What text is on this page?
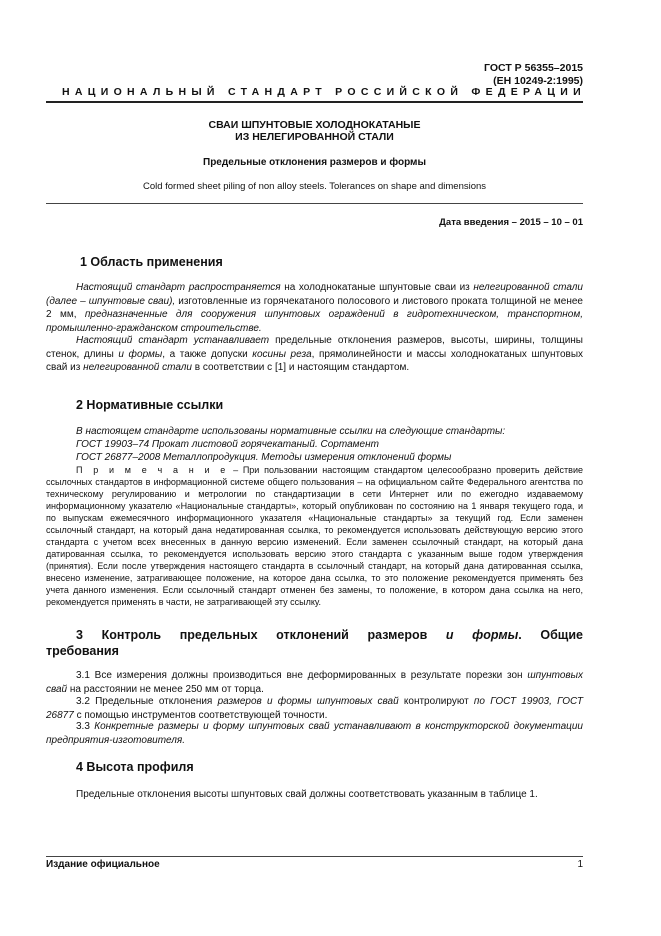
ГОСТ Р 56355–2015
(ЕН 10249-2:1995)
НАЦИОНАЛЬНЫЙ СТАНДАРТ РОССИЙСКОЙ ФЕДЕРАЦИИ
СВАИ ШПУНТОВЫЕ ХОЛОДНОКАТАНЫЕ
ИЗ НЕЛЕГИРОВАННОЙ СТАЛИ
Предельные отклонения размеров и формы
Cold formed sheet piling of non alloy steels. Tolerances on shape and dimensions
Дата введения – 2015 – 10 – 01
1 Область применения
Настоящий стандарт распространяется на холоднокатаные шпунтовые сваи из нелегированной стали (далее – шпунтовые сваи), изготовленные из горячекатаного полосового и листового проката толщиной не менее 2 мм, предназначенные для сооружения шпунтовых ограждений в гидротехническом, транспортном, промышленно-гражданском строительстве.
Настоящий стандарт устанавливает предельные отклонения размеров, высоты, ширины, толщины стенок, длины и формы, а также допуски косины реза, прямолинейности и массы холоднокатаных шпунтовых свай из нелегированной стали в соответствии с [1] и настоящим стандартом.
2 Нормативные ссылки
В настоящем стандарте использованы нормативные ссылки на следующие стандарты:
ГОСТ 19903–74 Прокат листовой горячекатаный. Сортамент
ГОСТ 26877–2008 Металлопродукция. Методы измерения отклонений формы
П р и м е ч а н и е – При пользовании настоящим стандартом целесообразно проверить действие ссылочных стандартов в информационной системе общего пользования – на официальном сайте Федерального агентства по техническому регулированию и метрологии по стандартизации в сети Интернет или по ежегодно издаваемому информационному указателю «Национальные стандарты», который опубликован по состоянию на 1 января текущего года, и по выпускам ежемесячного информационного указателя «Национальные стандарты» за текущий год. Если заменен ссылочный стандарт, на который дана недатированная ссылка, то рекомендуется использовать действующую версию этого стандарта с учетом всех внесенных в данную версию изменений. Если заменен ссылочный стандарт, на который дана датированная ссылка, то рекомендуется использовать версию этого стандарта с указанным выше годом утверждения (принятия). Если после утверждения настоящего стандарта в ссылочный стандарт, на который дана датированная ссылка, внесено изменение, затрагивающее положение, на которое дана ссылка, то это положение рекомендуется применять без учета данного изменения. Если ссылочный стандарт отменен без замены, то положение, в котором дана ссылка на него, рекомендуется применять в части, не затрагивающей эту ссылку.
3 Контроль предельных отклонений размеров и формы. Общие
требования
3.1 Все измерения должны производиться вне деформированных в результате порезки зон шпунтовых свай на расстоянии не менее 250 мм от торца.
3.2 Предельные отклонения размеров и формы шпунтовых свай контролируют по ГОСТ 19903, ГОСТ 26877 с помощью инструментов соответствующей точности.
3.3 Конкретные размеры и форму шпунтовых свай устанавливают в конструкторской документации предприятия-изготовителя.
4 Высота профиля
Предельные отклонения высоты шпунтовых свай должны соответствовать указанным в таблице 1.
Издание официальное	1
